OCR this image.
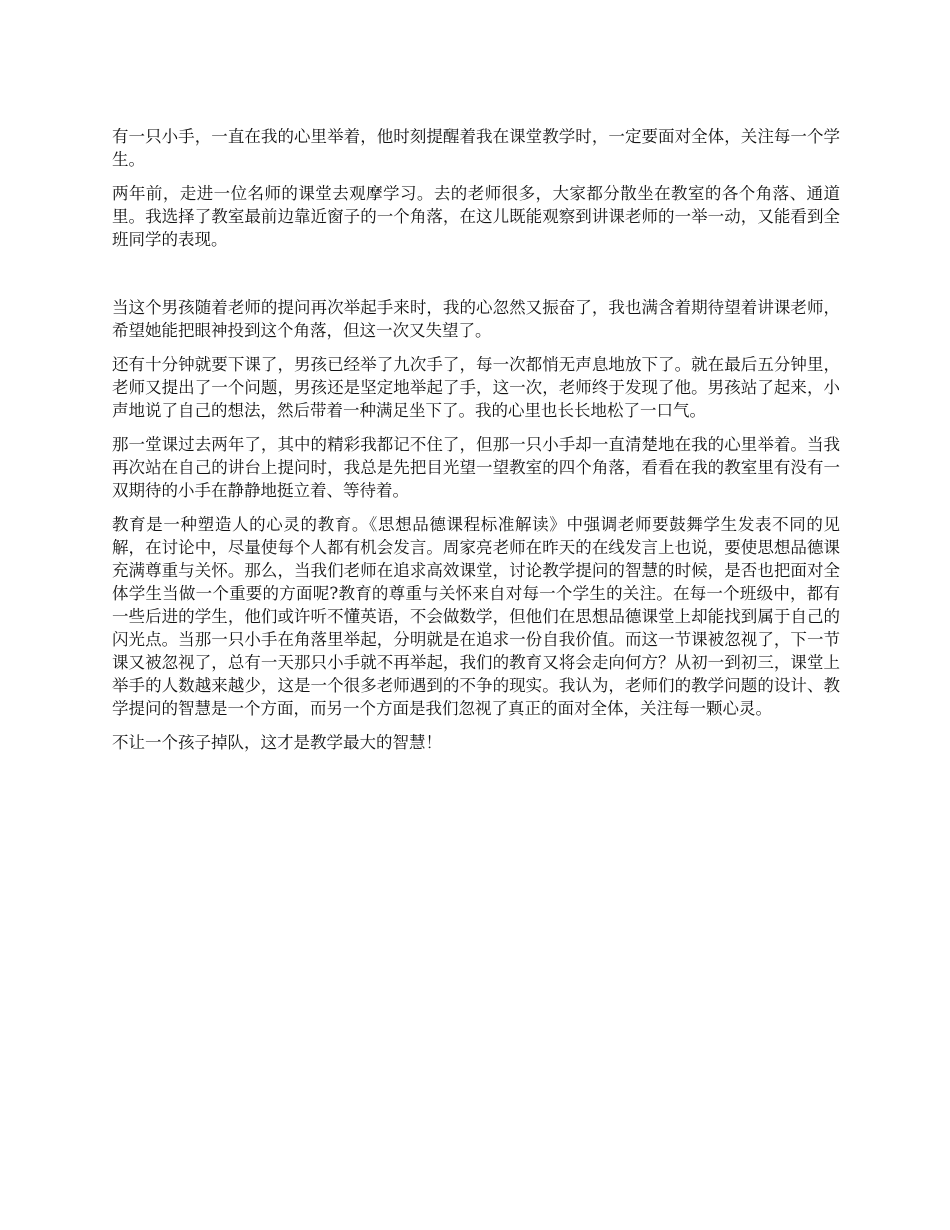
有一只小手，一直在我的心里举着，他时刻提醒着我在课堂教学时，一定要面对全体，关注每一个学生。

两年前，走进一位名师的课堂去观摩学习。去的老师很多，大家都分散坐在教室的各个角落、通道里。我选择了教室最前边靠近窗子的一个角落，在这儿既能观察到讲课老师的一举一动，又能看到全班同学的表现。

当这个男孩随着老师的提问再次举起手来时，我的心忽然又振奋了，我也满含着期待望着讲课老师，希望她能把眼神投到这个角落，但这一次又失望了。

还有十分钟就要下课了，男孩已经举了九次手了，每一次都悄无声息地放下了。就在最后五分钟里，老师又提出了一个问题，男孩还是坚定地举起了手，这一次，老师终于发现了他。男孩站了起来，小声地说了自己的想法，然后带着一种满足坐下了。我的心里也长长地松了一口气。

那一堂课过去两年了，其中的精彩我都记不住了，但那一只小手却一直清楚地在我的心里举着。当我再次站在自己的讲台上提问时，我总是先把目光望一望教室的四个角落，看看在我的教室里有没有一双期待的小手在静静地挺立着、等待着。

教育是一种塑造人的心灵的教育。《思想品德课程标准解读》中强调老师要鼓舞学生发表不同的见解，在讨论中，尽量使每个人都有机会发言。周家亮老师在昨天的在线发言上也说，要使思想品德课充满尊重与关怀。那么，当我们老师在追求高效课堂，讨论教学提问的智慧的时候，是否也把面对全体学生当做一个重要的方面呢?教育的尊重与关怀来自对每一个学生的关注。在每一个班级中，都有一些后进的学生，他们或许听不懂英语，不会做数学，但他们在思想品德课堂上却能找到属于自己的闪光点。当那一只小手在角落里举起，分明就是在追求一份自我价值。而这一节课被忽视了，下一节课又被忽视了，总有一天那只小手就不再举起，我们的教育又将会走向何方？从初一到初三，课堂上举手的人数越来越少，这是一个很多老师遇到的不争的现实。我认为，老师们的教学问题的设计、教学提问的智慧是一个方面，而另一个方面是我们忽视了真正的面对全体，关注每一颗心灵。

不让一个孩子掉队，这才是教学最大的智慧！
